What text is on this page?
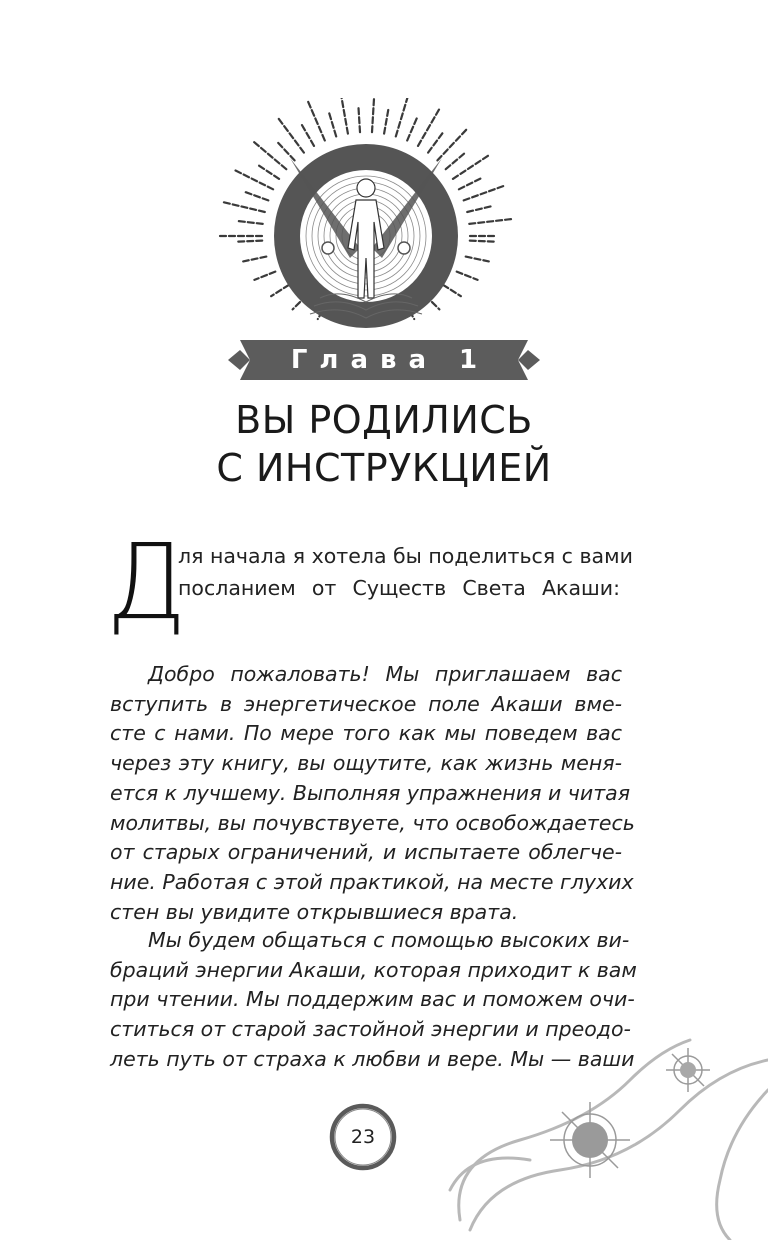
Глава 1
ВЫ РОДИЛИСЬ
С ИНСТРУКЦИЕЙ
Д
ля начала я хотела бы поделиться с вами
посланием от Существ Света Акаши:
Добро пожаловать! Мы приглашаем вас
вступить в энергетическое поле Акаши вме-
сте с нами. По мере того как мы поведем вас
через эту книгу, вы ощутите, как жизнь меня-
ется к лучшему. Выполняя упражнения и читая
молитвы, вы почувствуете, что освобождаетесь
от старых ограничений, и испытаете облегче-
ние. Работая с этой практикой, на месте глухих
стен вы увидите открывшиеся врата.
Мы будем общаться с помощью высоких ви-
браций энергии Акаши, которая приходит к вам
при чтении. Мы поддержим вас и поможем очи-
ститься от старой застойной энергии и преодо-
леть путь от страха к любви и вере. Мы — ваши
23
